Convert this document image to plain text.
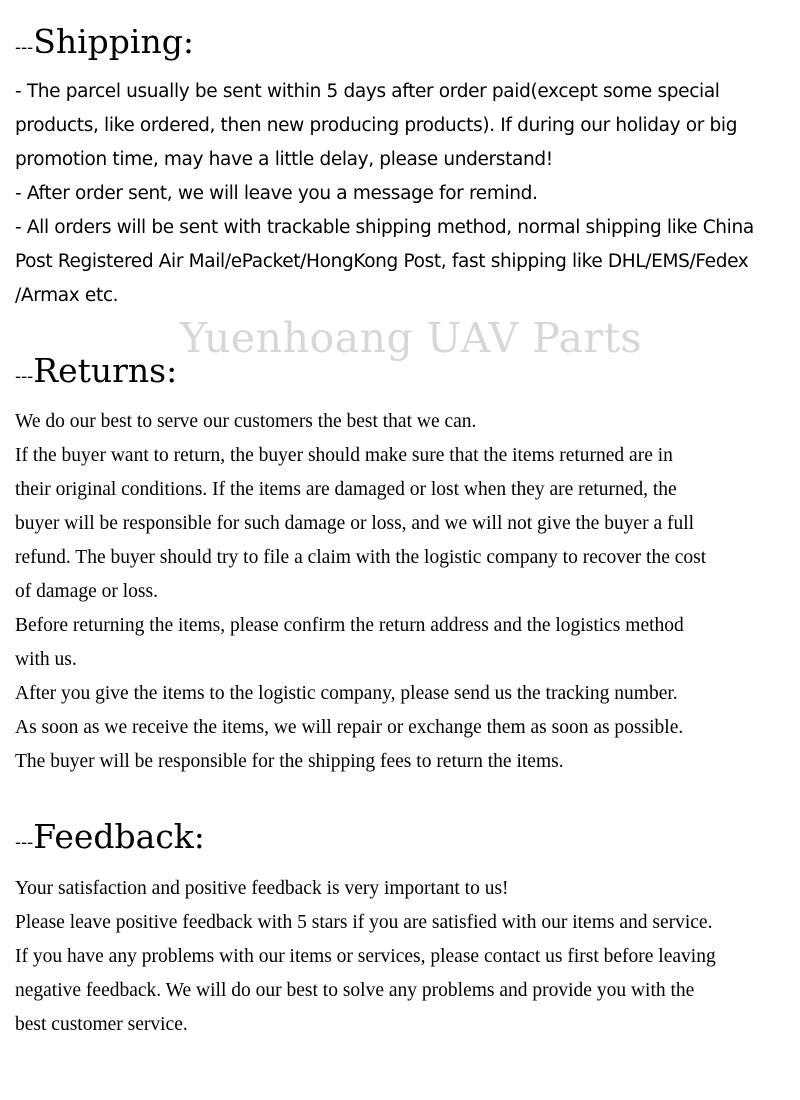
---Shipping:
- The parcel usually be sent within 5 days after order paid(except some special
products, like ordered, then new producing products). If during our holiday or big
promotion time, may have a little delay, please understand!
- After order sent, we will leave you a message for remind.
- All orders will be sent with trackable shipping method, normal shipping like China
Post Registered Air Mail/ePacket/HongKong Post, fast shipping like DHL/EMS/Fedex
/Armax etc.
Yuenhoang UAV Parts
---Returns:
We do our best to serve our customers the best that we can.
If the buyer want to return, the buyer should make sure that the items returned are in
their original conditions. If the items are damaged or lost when they are returned, the
buyer will be responsible for such damage or loss, and we will not give the buyer a full
refund. The buyer should try to file a claim with the logistic company to recover the cost
of damage or loss.
Before returning the items, please confirm the return address and the logistics method
with us.
After you give the items to the logistic company, please send us the tracking number.
As soon as we receive the items, we will repair or exchange them as soon as possible.
The buyer will be responsible for the shipping fees to return the items.
---Feedback:
Your satisfaction and positive feedback is very important to us!
Please leave positive feedback with 5 stars if you are satisfied with our items and service.
If you have any problems with our items or services, please contact us first before leaving
negative feedback. We will do our best to solve any problems and provide you with the
best customer service.
